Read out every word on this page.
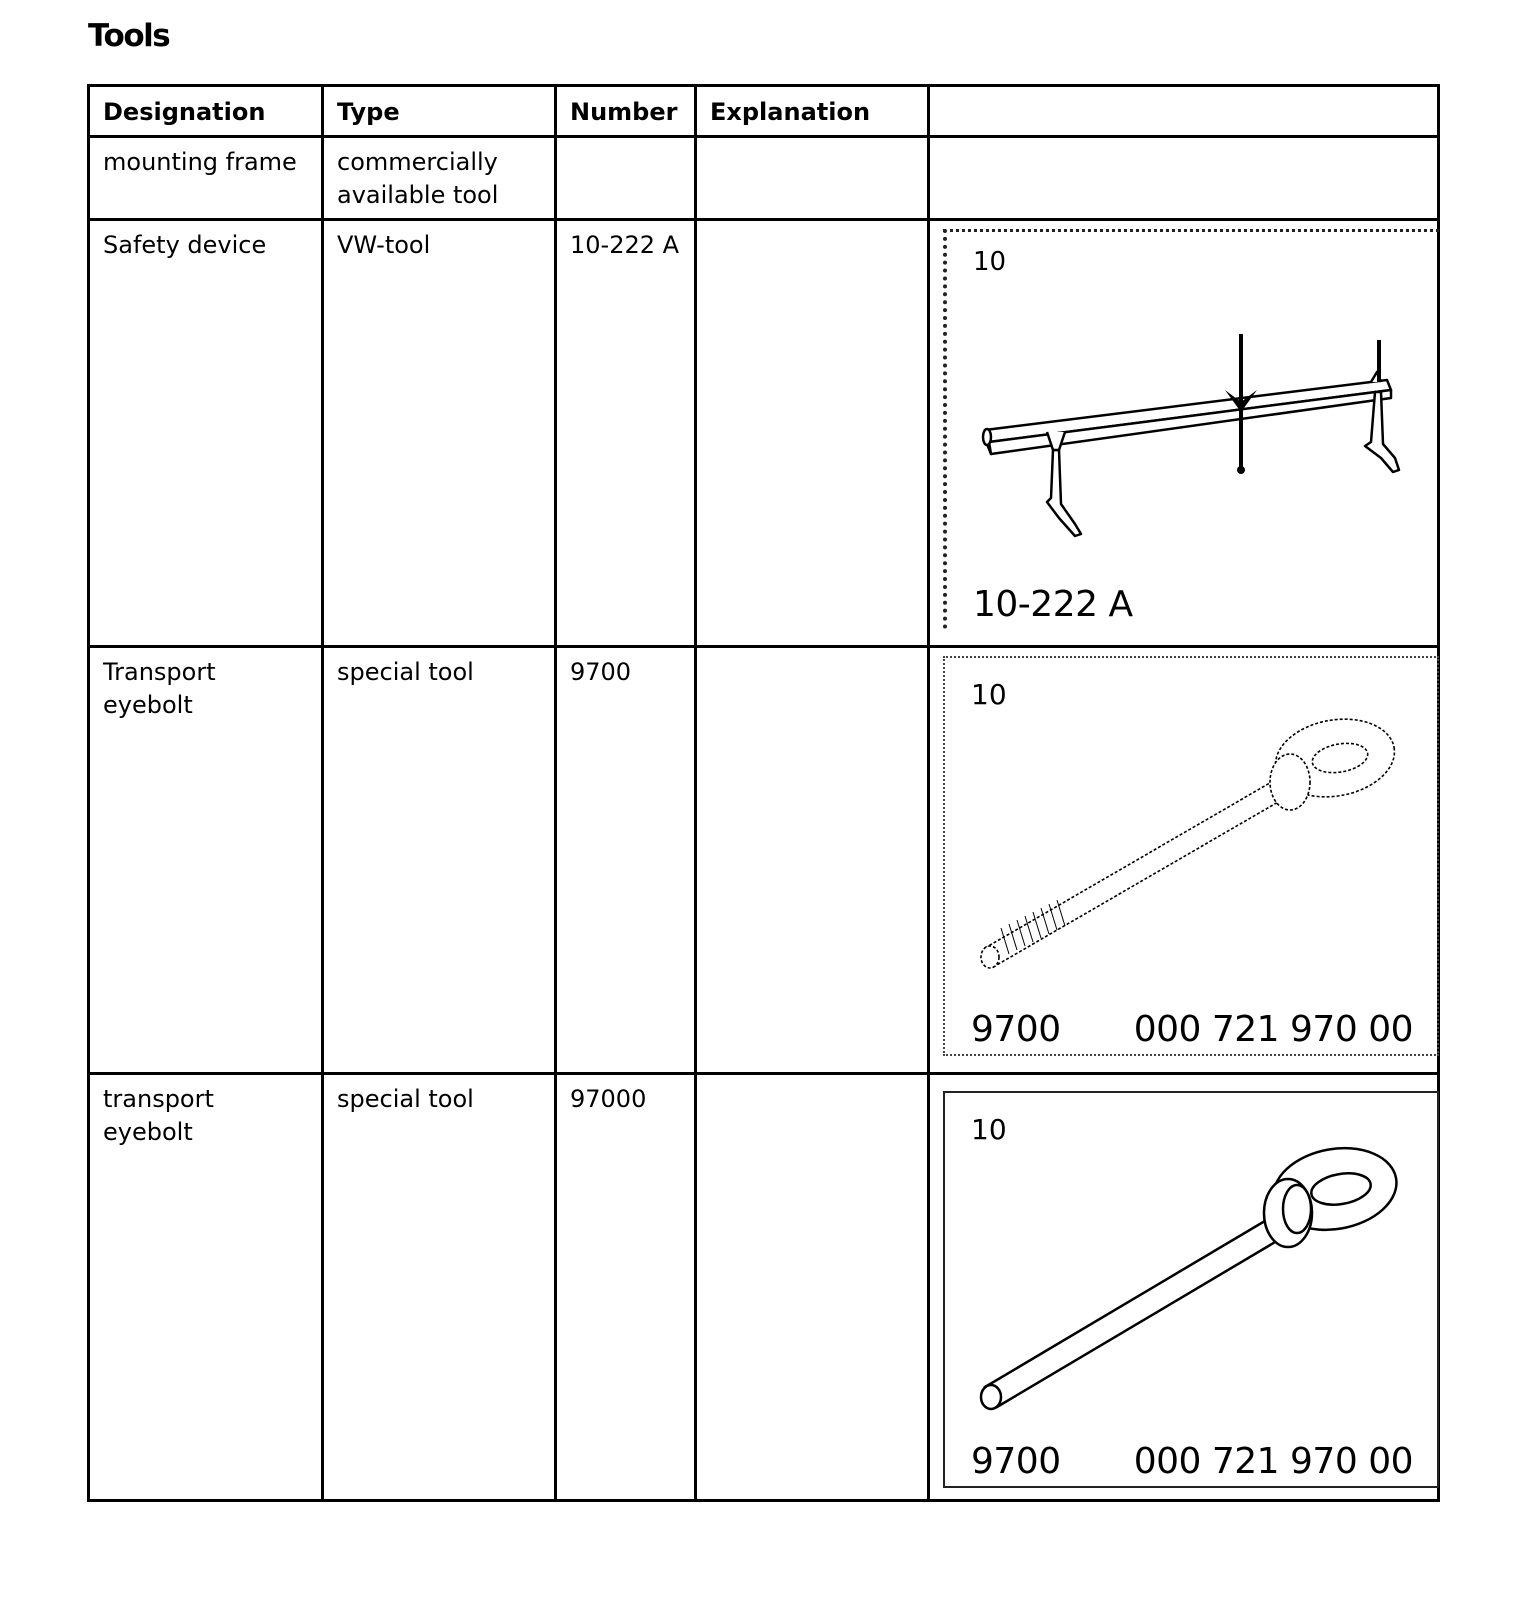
Tools
Designation	Type	Number	Explanation	
mounting frame	commercially available tool			
Safety device	VW-tool	10-222 A		10
10-222 A

Transport eyebolt	special tool	9700		10
9700 000 721 970 00

transport eyebolt	special tool	97000		10
9700 000 721 970 00
